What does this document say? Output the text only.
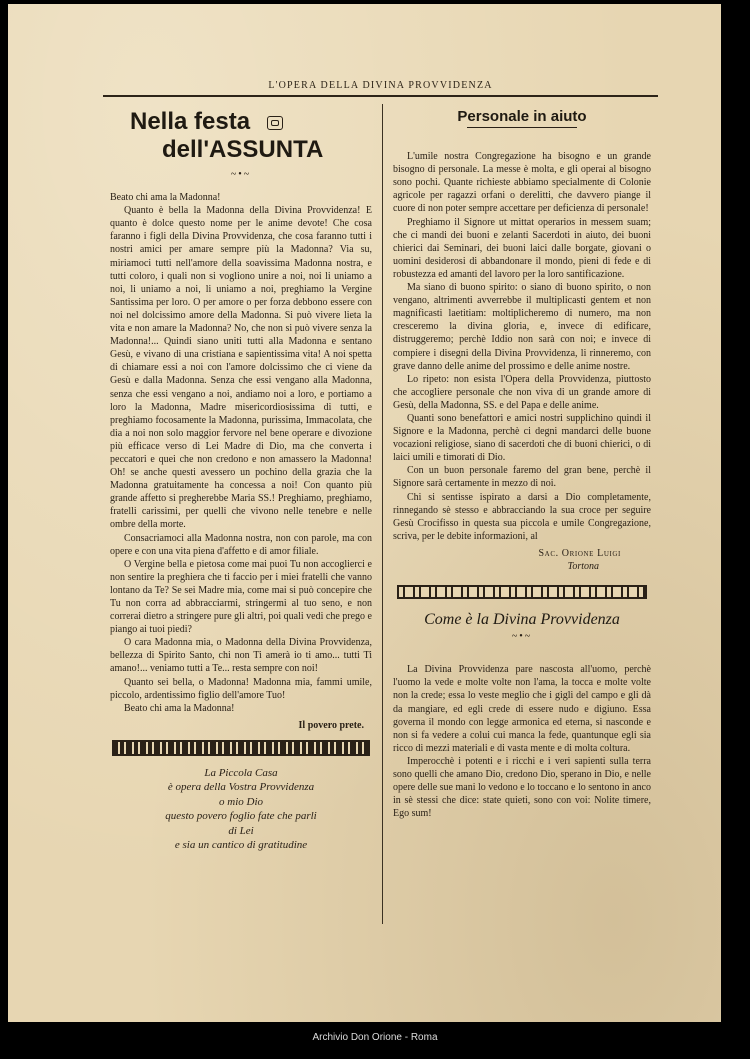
L'OPERA DELLA DIVINA PROVVIDENZA
Nella festa
dell'ASSUNTA
~•~

Beato chi ama la Madonna!

Quanto è bella la Madonna della Divina Provvidenza! E quanto è dolce questo nome per le anime devote! Che cosa faranno i figli della Divina Provvidenza, che cosa faranno tutti i nostri amici per amare sempre più la Madonna? Via su, miriamoci tutti nell'amore della soavissima Madonna nostra, e tutti coloro, i quali non si vogliono unire a noi, noi li uniamo a noi, li uniamo a noi, li uniamo a noi, preghiamo la Vergine Santissima per loro. O per amore o per forza debbono essere con noi nel dolcissimo amore della Madonna. Si può vivere lieta la vita e non amare la Madonna? No, che non si può vivere senza la Madonna!... Quindi siano uniti tutti alla Madonna e sentano Gesù, e vivano di una cristiana e sapientissima vita! A noi spetta di chiamare essi a noi con l'amore dolcissimo che ci viene da Gesù e dalla Madonna. Senza che essi vengano alla Madonna, senza che essi vengano a noi, andiamo noi a loro, e portiamo a loro la Madonna, Madre misericordiosissima di tutti, e preghiamo focosamente la Madonna, purissima, Immacolata, che dia a noi non solo maggior fervore nel bene operare e divozione più efficace verso di Lei Madre di Dio, ma che converta i peccatori e quei che non credono e non amassero la Madonna! Oh! se anche questi avessero un pochino della grazia che la Madonna gratuitamente ha concessa a noi! Con quanto più grande affetto si pregherebbe Maria SS.! Preghiamo, preghiamo, fratelli carissimi, per quelli che vivono nelle tenebre e nelle ombre della morte.

Consacriamoci alla Madonna nostra, non con parole, ma con opere e con una vita piena d'affetto e di amor filiale.

O Vergine bella e pietosa come mai puoi Tu non accoglierci e non sentire la preghiera che ti faccio per i miei fratelli che vanno lontano da Te? Se sei Madre mia, come mai si può concepire che Tu non corra ad abbracciarmi, stringermi al tuo seno, e non correrai dietro a stringere pure gli altri, poi quali vedi che prego e piango ai tuoi piedi?

O cara Madonna mia, o Madonna della Divina Provvidenza, bellezza di Spirito Santo, chi non Ti amerà io ti amo... tutti Ti amano!... veniamo tutti a Te... resta sempre con noi!

Quanto sei bella, o Madonna! Madonna mia, fammi umile, piccolo, ardentissimo figlio dell'amore Tuo!

Beato chi ama la Madonna!

Il povero prete.
La Piccola Casa
è opera della Vostra Provvidenza
o mio Dio
questo povero foglio fate che parli
di Lei
e sia un cantico di gratitudine
Personale in aiuto

L'umile nostra Congregazione ha bisogno e un grande bisogno di personale. La messe è molta, e gli operai al bisogno sono pochi. Quante richieste abbiamo specialmente di Colonie agricole per ragazzi orfani o derelitti, che davvero piange il cuore di non poter sempre accettare per deficienza di personale!

Preghiamo il Signore ut mittat operarios in messem suam; che ci mandi dei buoni e zelanti Sacerdoti in aiuto, dei buoni chierici dai Seminari, dei buoni laici dalle borgate, giovani o uomini desiderosi di abbandonare il mondo, pieni di fede e di robustezza ed amanti del lavoro per la loro santificazione.

Ma siano di buono spirito: o siano di buono spirito, o non vengano, altrimenti avverrebbe il multiplicasti gentem et non magnificasti laetitiam: moltiplicheremo di numero, ma non cresceremo la divina gloria, e, invece di edificare, distruggeremo; perchè Iddio non sarà con noi; e invece di compiere i disegni della Divina Provvidenza, li rinneremo, con grave danno delle anime del prossimo e delle anime nostre.

Lo ripeto: non esista l'Opera della Provvidenza, piuttosto che accogliere personale che non viva di un grande amore di Gesù, della Madonna, SS. e del Papa e delle anime.

Quanti sono benefattori e amici nostri supplichino quindi il Signore e la Madonna, perchè ci degni mandarci delle buone vocazioni religiose, siano di sacerdoti che di buoni chierici, o di laici umili e timorati di Dio.

Con un buon personale faremo del gran bene, perchè il Signore sarà certamente in mezzo di noi.

Chi si sentisse ispirato a darsi a Dio completamente, rinnegando sè stesso e abbracciando la sua croce per seguire Gesù Crocifisso in questa sua piccola e umile Congregazione, scriva, per le debite informazioni, al

Sac. Orione Luigi
Tortona
Come è la Divina Provvidenza
~•~

La Divina Provvidenza pare nascosta all'uomo, perchè l'uomo la vede e molte volte non l'ama, la tocca e molte volte non la crede; essa lo veste meglio che i gigli del campo e gli dà da mangiare, ed egli crede di essere nudo e digiuno. Essa governa il mondo con legge armonica ed eterna, si nasconde e non si fa vedere a colui cui manca la fede, quantunque egli sia ricco di mezzi materiali e di vasta mente e di molta coltura.

Imperocchè i potenti e i ricchi e i veri sapienti sulla terra sono quelli che amano Dio, credono Dio, sperano in Dio, e nelle opere delle sue mani lo vedono e lo toccano e lo sentono in anco in sè stessi che dice: state quieti, sono con voi: Nolite timere, Ego sum!

Archivio Don Orione - Roma
